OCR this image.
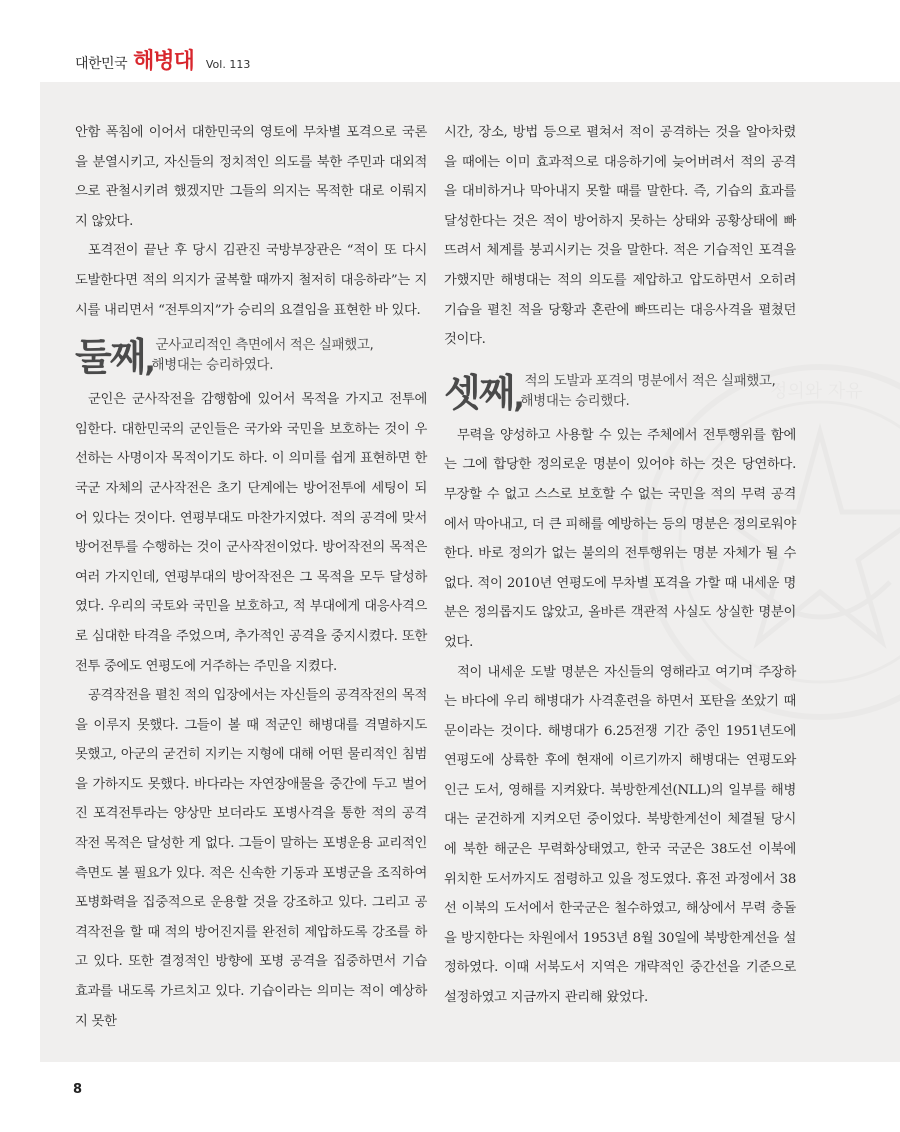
대한민국 해병대 Vol. 113
정의와 자유

안함 폭침에 이어서 대한민국의 영토에 무차별 포격으로 국론을 분열시키고, 자신들의 정치적인 의도를 북한 주민과 대외적으로 관철시키려 했겠지만 그들의 의지는 목적한 대로 이뤄지지 않았다.

포격전이 끝난 후 당시 김관진 국방부장관은 “적이 또 다시 도발한다면 적의 의지가 굴복할 때까지 철저히 대응하라”는 지시를 내리면서 “전투의지”가 승리의 요결임을 표현한 바 있다.

둘째 , 군사교리적인 측면에서 적은 실패했고,
해병대는 승리하였다.

군인은 군사작전을 감행함에 있어서 목적을 가지고 전투에 임한다. 대한민국의 군인들은 국가와 국민을 보호하는 것이 우선하는 사명이자 목적이기도 하다. 이 의미를 쉽게 표현하면 한국군 자체의 군사작전은 초기 단계에는 방어전투에 세팅이 되어 있다는 것이다. 연평부대도 마찬가지였다. 적의 공격에 맞서 방어전투를 수행하는 것이 군사작전이었다. 방어작전의 목적은 여러 가지인데, 연평부대의 방어작전은 그 목적을 모두 달성하였다. 우리의 국토와 국민을 보호하고, 적 부대에게 대응사격으로 심대한 타격을 주었으며, 추가적인 공격을 중지시켰다. 또한 전투 중에도 연평도에 거주하는 주민을 지켰다.

공격작전을 펼친 적의 입장에서는 자신들의 공격작전의 목적을 이루지 못했다. 그들이 볼 때 적군인 해병대를 격멸하지도 못했고, 아군의 굳건히 지키는 지형에 대해 어떤 물리적인 침범을 가하지도 못했다. 바다라는 자연장애물을 중간에 두고 벌어진 포격전투라는 양상만 보더라도 포병사격을 통한 적의 공격작전 목적은 달성한 게 없다. 그들이 말하는 포병운용 교리적인 측면도 볼 필요가 있다. 적은 신속한 기동과 포병군을 조직하여 포병화력을 집중적으로 운용할 것을 강조하고 있다. 그리고 공격작전을 할 때 적의 방어진지를 완전히 제압하도록 강조를 하고 있다. 또한 결정적인 방향에 포병 공격을 집중하면서 기습 효과를 내도록 가르치고 있다. 기습이라는 의미는 적이 예상하지 못한

시간, 장소, 방법 등으로 펼쳐서 적이 공격하는 것을 알아차렸을 때에는 이미 효과적으로 대응하기에 늦어버려서 적의 공격을 대비하거나 막아내지 못할 때를 말한다. 즉, 기습의 효과를 달성한다는 것은 적이 방어하지 못하는 상태와 공황상태에 빠뜨려서 체계를 붕괴시키는 것을 말한다. 적은 기습적인 포격을 가했지만 해병대는 적의 의도를 제압하고 압도하면서 오히려 기습을 펼친 적을 당황과 혼란에 빠뜨리는 대응사격을 펼쳤던 것이다.

셋째 , 적의 도발과 포격의 명분에서 적은 실패했고,
해병대는 승리했다.

무력을 양성하고 사용할 수 있는 주체에서 전투행위를 함에는 그에 합당한 정의로운 명분이 있어야 하는 것은 당연하다. 무장할 수 없고 스스로 보호할 수 없는 국민을 적의 무력 공격에서 막아내고, 더 큰 피해를 예방하는 등의 명분은 정의로워야 한다. 바로 정의가 없는 불의의 전투행위는 명분 자체가 될 수 없다. 적이 2010년 연평도에 무차별 포격을 가할 때 내세운 명분은 정의롭지도 않았고, 올바른 객관적 사실도 상실한 명분이었다.

적이 내세운 도발 명분은 자신들의 영해라고 여기며 주장하는 바다에 우리 해병대가 사격훈련을 하면서 포탄을 쏘았기 때문이라는 것이다. 해병대가 6.25전쟁 기간 중인 1951년도에 연평도에 상륙한 후에 현재에 이르기까지 해병대는 연평도와 인근 도서, 영해를 지켜왔다. 북방한계선(NLL)의 일부를 해병대는 굳건하게 지켜오던 중이었다. 북방한계선이 체결될 당시에 북한 해군은 무력화상태였고, 한국 국군은 38도선 이북에 위치한 도서까지도 점령하고 있을 정도였다. 휴전 과정에서 38선 이북의 도서에서 한국군은 철수하였고, 해상에서 무력 충돌을 방지한다는 차원에서 1953년 8월 30일에 북방한계선을 설정하였다. 이때 서북도서 지역은 개략적인 중간선을 기준으로 설정하였고 지금까지 관리해 왔었다.

8
